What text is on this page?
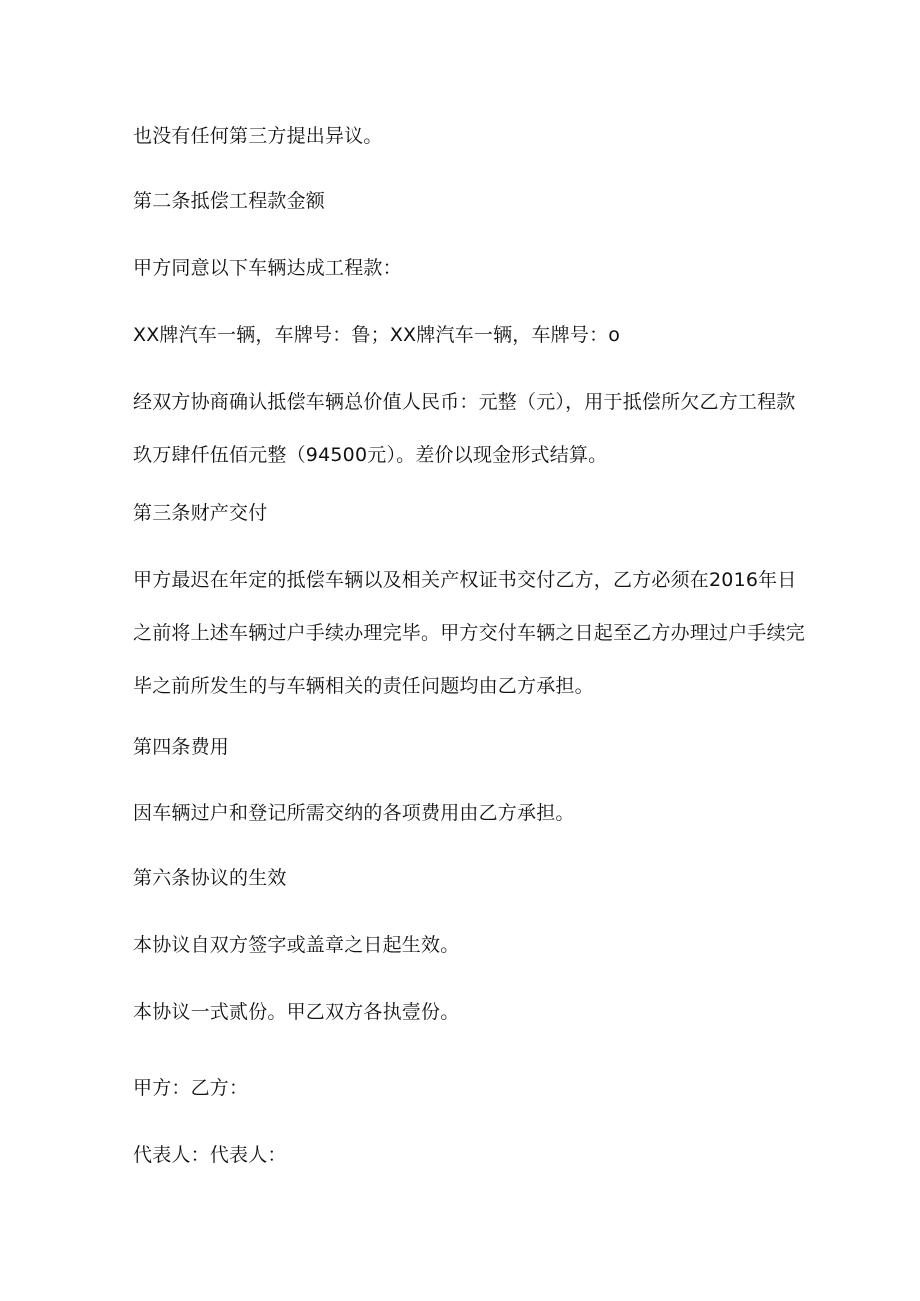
也没有任何第三方提出异议。

第二条抵偿工程款金额

甲方同意以下车辆达成工程款：

XX牌汽车一辆，车牌号：鲁；XX牌汽车一辆，车牌号：o

经双方协商确认抵偿车辆总价值人民币：元整（元），用于抵偿所欠乙方工程款玖万肆仟伍佰元整（94500元）。差价以现金形式结算。

第三条财产交付

甲方最迟在年定的抵偿车辆以及相关产权证书交付乙方，乙方必须在2016年日之前将上述车辆过户手续办理完毕。甲方交付车辆之日起至乙方办理过户手续完毕之前所发生的与车辆相关的责任问题均由乙方承担。

第四条费用

因车辆过户和登记所需交纳的各项费用由乙方承担。

第六条协议的生效

本协议自双方签字或盖章之日起生效。

本协议一式贰份。甲乙双方各执壹份。

甲方：乙方：

代表人：代表人：
